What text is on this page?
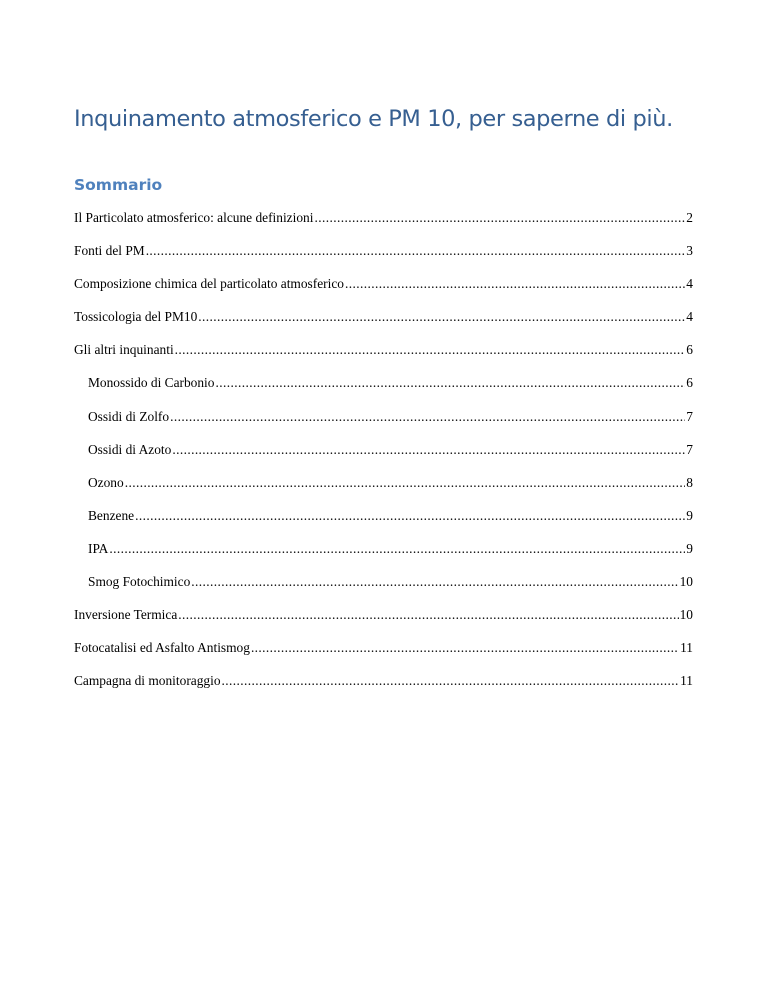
Inquinamento atmosferico e PM 10, per saperne di più.
Sommario
Il Particolato atmosferico: alcune definizioni .....	2
Fonti del PM .....	3
Composizione chimica del particolato atmosferico .....	4
Tossicologia del PM10 .....	4
Gli altri inquinanti .....	6
Monossido di Carbonio .....	6
Ossidi di Zolfo .....	7
Ossidi di Azoto .....	7
Ozono .....	8
Benzene .....	9
IPA .....	9
Smog Fotochimico .....	10
Inversione Termica .....	10
Fotocatalisi ed Asfalto Antismog .....	11
Campagna di monitoraggio .....	11
